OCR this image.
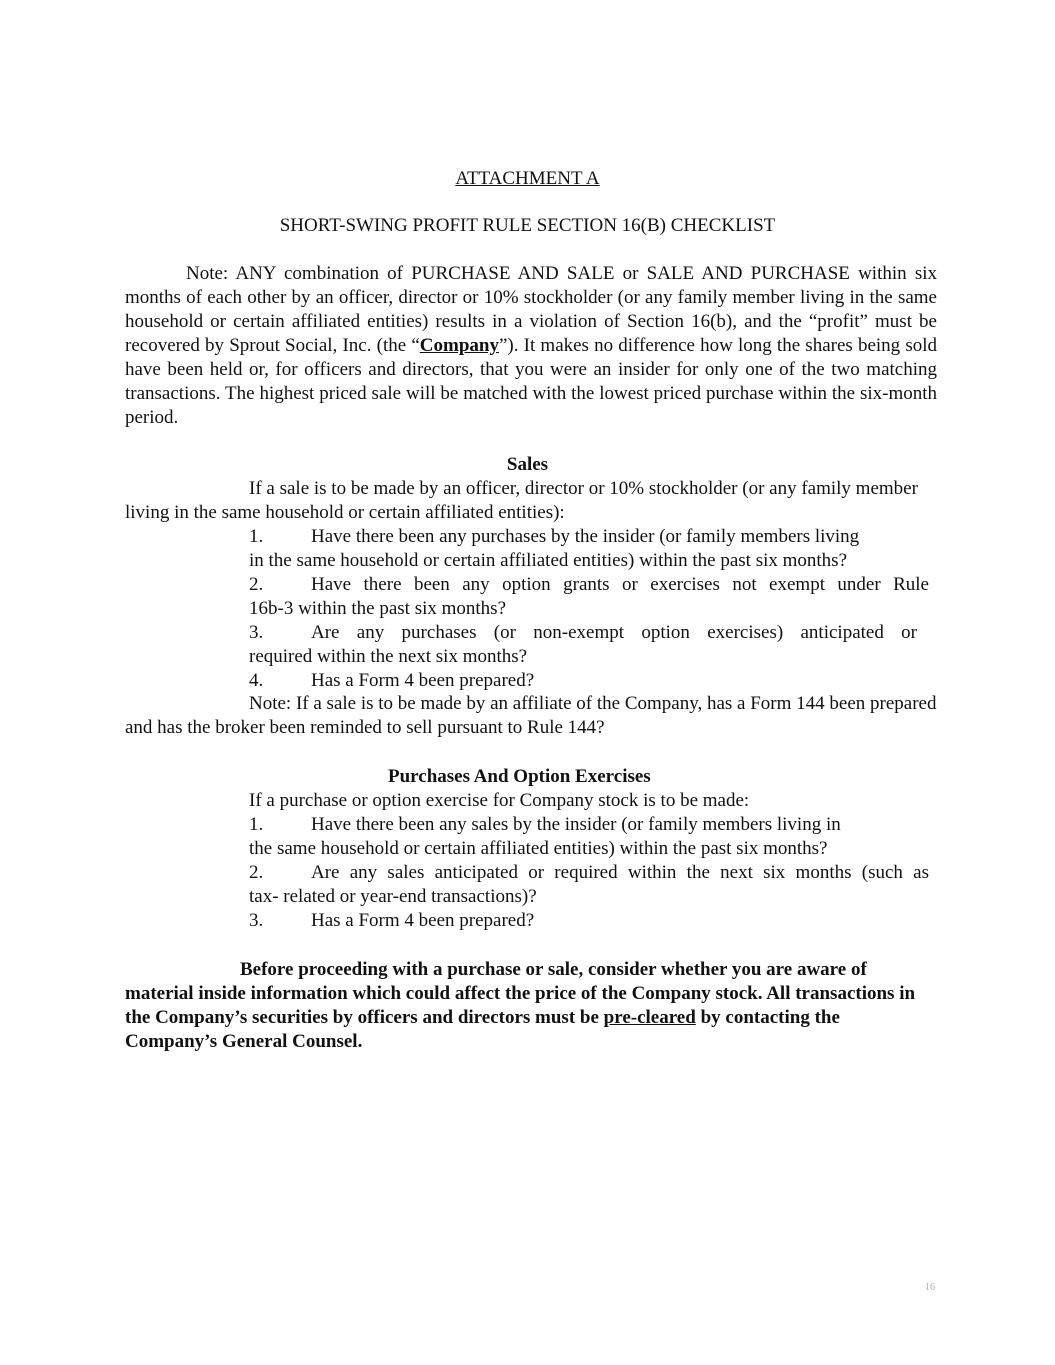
ATTACHMENT A
SHORT-SWING PROFIT RULE SECTION 16(B) CHECKLIST
Note: ANY combination of PURCHASE AND SALE or SALE AND PURCHASE within six months of each other by an officer, director or 10% stockholder (or any family member living in the same household or certain affiliated entities) results in a violation of Section 16(b), and the “profit” must be recovered by Sprout Social, Inc. (the “Company”). It makes no difference how long the shares being sold have been held or, for officers and directors, that you were an insider for only one of the two matching transactions. The highest priced sale will be matched with the lowest priced purchase within the six-month period.
Sales
If a sale is to be made by an officer, director or 10% stockholder (or any family member living in the same household or certain affiliated entities):
1.	Have there been any purchases by the insider (or family members living
in the same household or certain affiliated entities) within the past six months?
2.	Have there been any option grants or exercises not exempt under Rule
16b-3 within the past six months?
3.	Are any purchases (or non-exempt option exercises) anticipated or
required within the next six months?
4.	Has a Form 4 been prepared?
Note: If a sale is to be made by an affiliate of the Company, has a Form 144 been prepared and has the broker been reminded to sell pursuant to Rule 144?
Purchases And Option Exercises
If a purchase or option exercise for Company stock is to be made:
1.	Have there been any sales by the insider (or family members living in
the same household or certain affiliated entities) within the past six months?
2.	Are any sales anticipated or required within the next six months (such as
tax- related or year-end transactions)?
3.	Has a Form 4 been prepared?
Before proceeding with a purchase or sale, consider whether you are aware of material inside information which could affect the price of the Company stock. All transactions in the Company’s securities by officers and directors must be pre-cleared by contacting the Company’s General Counsel.
16
